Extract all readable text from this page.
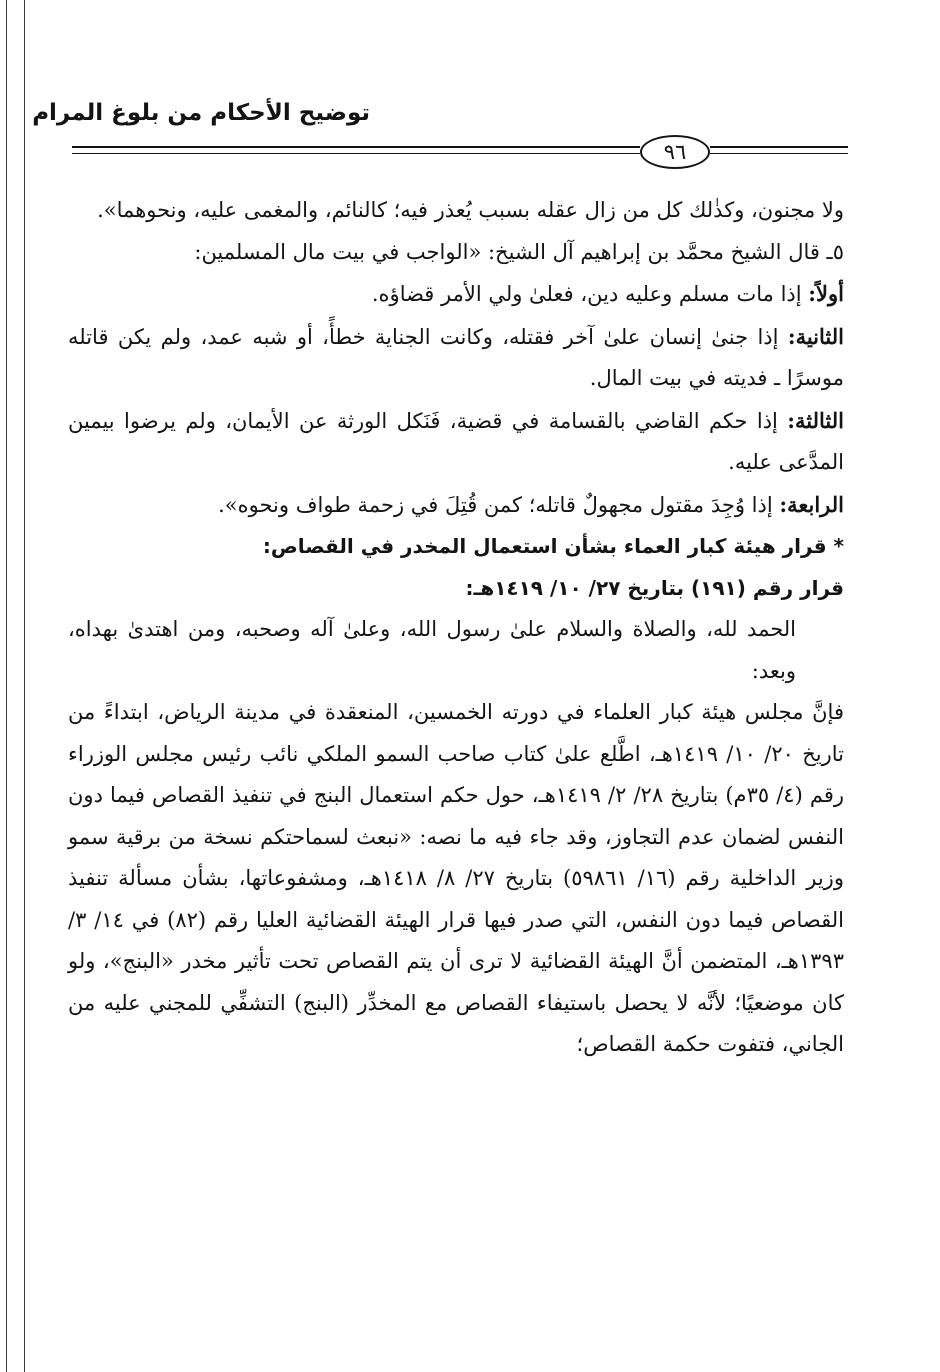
توضيح الأحكام من بلوغ المرام
٩٦

ولا مجنون، وكذٰلك كل من زال عقله بسبب يُعذر فيه؛ كالنائم، والمغمى عليه، ونحوهما».

٥ـ قال الشيخ محمَّد بن إبراهيم آل الشيخ: «الواجب في بيت مال المسلمين:

أولاً: إذا مات مسلم وعليه دين، فعلىٰ ولي الأمر قضاؤه.

الثانية: إذا جنىٰ إنسان علىٰ آخر فقتله، وكانت الجناية خطأً، أو شبه عمد، ولم يكن قاتله موسرًا ـ فديته في بيت المال.

الثالثة: إذا حكم القاضي بالقسامة في قضية، فَنَكل الورثة عن الأيمان، ولم يرضوا بيمين المدَّعى عليه.

الرابعة: إذا وُجِدَ مقتول مجهولٌ قاتله؛ كمن قُتِلَ في زحمة طواف ونحوه».

* قرار هيئة كبار العماء بشأن استعمال المخدر في القصاص:

قرار رقم (١٩١) بتاريخ ٢٧/ ١٠/ ١٤١٩هـ:

الحمد لله، والصلاة والسلام علىٰ رسول الله، وعلىٰ آله وصحبه، ومن اهتدىٰ بهداه، وبعد:

فإنَّ مجلس هيئة كبار العلماء في دورته الخمسين، المنعقدة في مدينة الرياض، ابتداءً من تاريخ ٢٠/ ١٠/ ١٤١٩هـ، اطَّلع علىٰ كتاب صاحب السمو الملكي نائب رئيس مجلس الوزراء رقم (٤/ ٣٥م) بتاريخ ٢٨/ ٢/ ١٤١٩هـ، حول حكم استعمال البنج في تنفيذ القصاص فيما دون النفس لضمان عدم التجاوز، وقد جاء فيه ما نصه: «نبعث لسماحتكم نسخة من برقية سمو وزير الداخلية رقم (١٦/ ٥٩٨٦١) بتاريخ ٢٧/ ٨/ ١٤١٨هـ، ومشفوعاتها، بشأن مسألة تنفيذ القصاص فيما دون النفس، التي صدر فيها قرار الهيئة القضائية العليا رقم (٨٢) في ١٤/ ٣/ ١٣٩٣هـ، المتضمن أنَّ الهيئة القضائية لا ترى أن يتم القصاص تحت تأثير مخدر «البنج»، ولو كان موضعيًا؛ لأنَّه لا يحصل باستيفاء القصاص مع المخدِّر (البنج) التشفِّي للمجني عليه من الجاني، فتفوت حكمة القصاص؛
